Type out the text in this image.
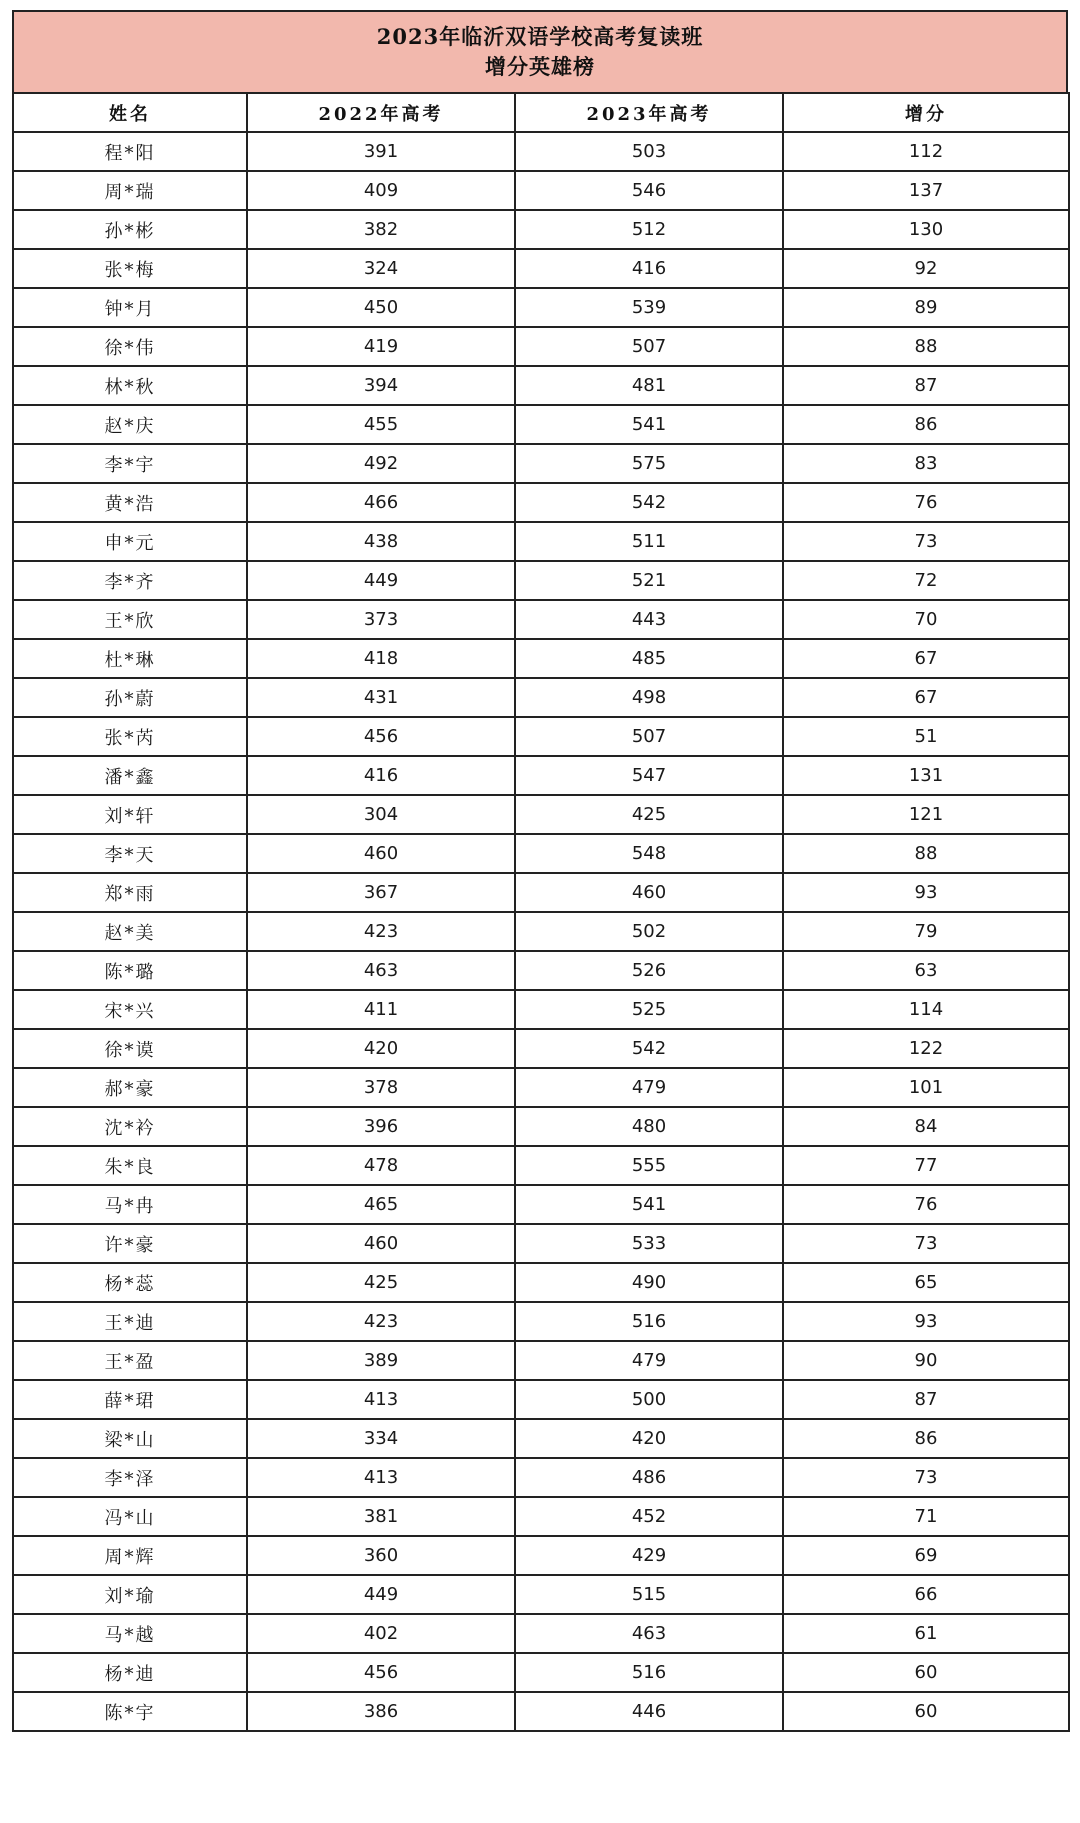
2023年临沂双语学校高考复读班
增分英雄榜
姓名	2022年高考	2023年高考	增分
程*阳	391	503	112
周*瑞	409	546	137
孙*彬	382	512	130
张*梅	324	416	92
钟*月	450	539	89
徐*伟	419	507	88
林*秋	394	481	87
赵*庆	455	541	86
李*宇	492	575	83
黄*浩	466	542	76
申*元	438	511	73
李*齐	449	521	72
王*欣	373	443	70
杜*琳	418	485	67
孙*蔚	431	498	67
张*芮	456	507	51
潘*鑫	416	547	131
刘*轩	304	425	121
李*天	460	548	88
郑*雨	367	460	93
赵*美	423	502	79
陈*璐	463	526	63
宋*兴	411	525	114
徐*谟	420	542	122
郝*豪	378	479	101
沈*衿	396	480	84
朱*良	478	555	77
马*冉	465	541	76
许*豪	460	533	73
杨*蕊	425	490	65
王*迪	423	516	93
王*盈	389	479	90
薛*珺	413	500	87
梁*山	334	420	86
李*泽	413	486	73
冯*山	381	452	71
周*辉	360	429	69
刘*瑜	449	515	66
马*越	402	463	61
杨*迪	456	516	60
陈*宇	386	446	60
